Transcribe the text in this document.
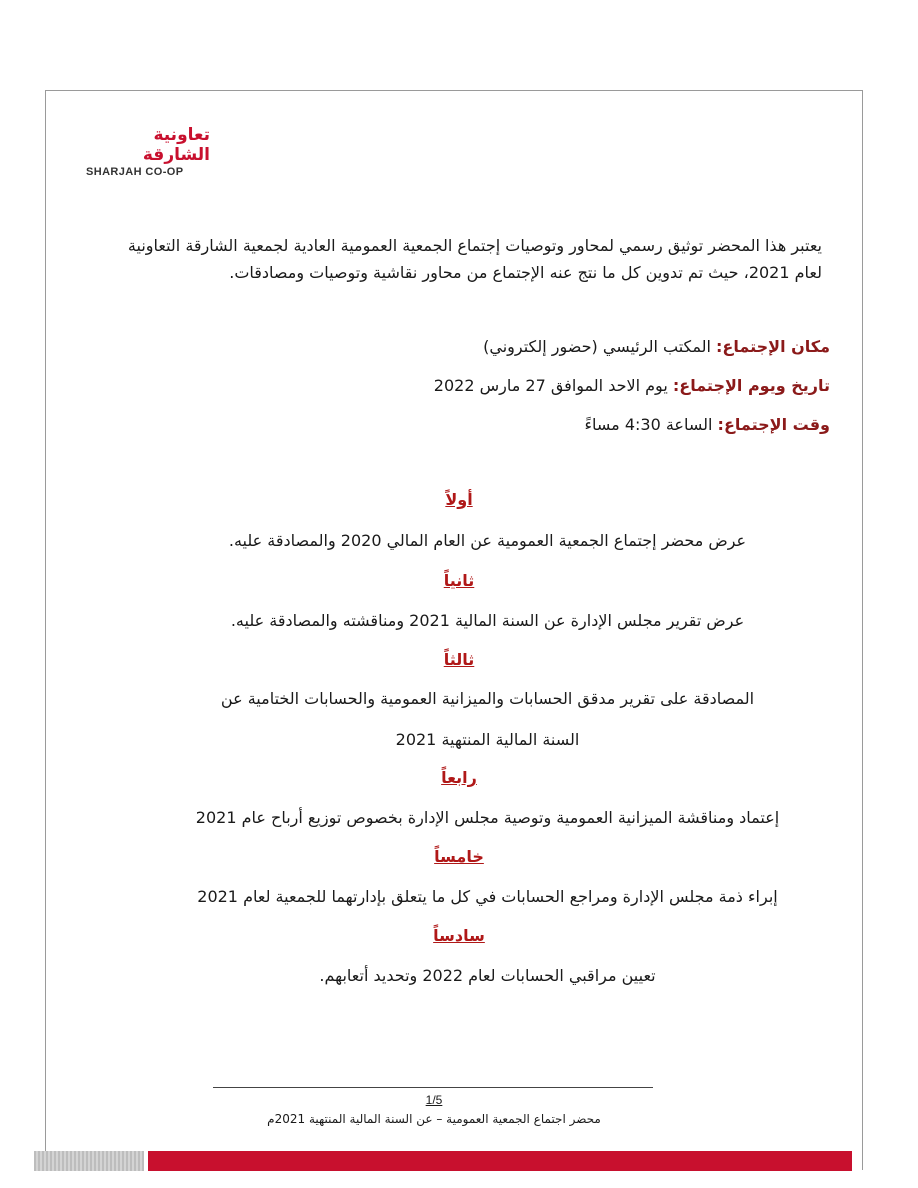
تعاونية الشارقة
SHARJAH CO-OP
يعتبر هذا المحضر توثيق رسمي لمحاور وتوصيات إجتماع الجمعية العمومية العادية لجمعية الشارقة التعاونية لعام 2021، حيث تم تدوين كل ما نتج عنه الإجتماع من محاور نقاشية وتوصيات ومصادقات.
مكان الإجتماع: المكتب الرئيسي (حضور إلكتروني)
تاريخ ويوم الإجتماع: يوم الاحد الموافق 27 مارس 2022
وقت الإجتماع: الساعة 4:30 مساءً
أولاً
عرض محضر إجتماع الجمعية العمومية عن العام المالي 2020 والمصادقة عليه.
ثانياً
عرض تقرير مجلس الإدارة عن السنة المالية 2021 ومناقشته والمصادقة عليه.
ثالثاً
المصادقة على تقرير مدقق الحسابات والميزانية العمومية والحسابات الختامية عن
السنة المالية المنتهية 2021
رابعاً
إعتماد ومناقشة الميزانية العمومية وتوصية مجلس الإدارة بخصوص توزيع أرباح عام 2021
خامساً
إبراء ذمة مجلس الإدارة ومراجع الحسابات في كل ما يتعلق بإدارتهما للجمعية لعام 2021
سادساً
تعيين مراقبي الحسابات لعام 2022 وتحديد أتعابهم.
1/5
محضر اجتماع الجمعية العمومية – عن السنة المالية المنتهية 2021م
